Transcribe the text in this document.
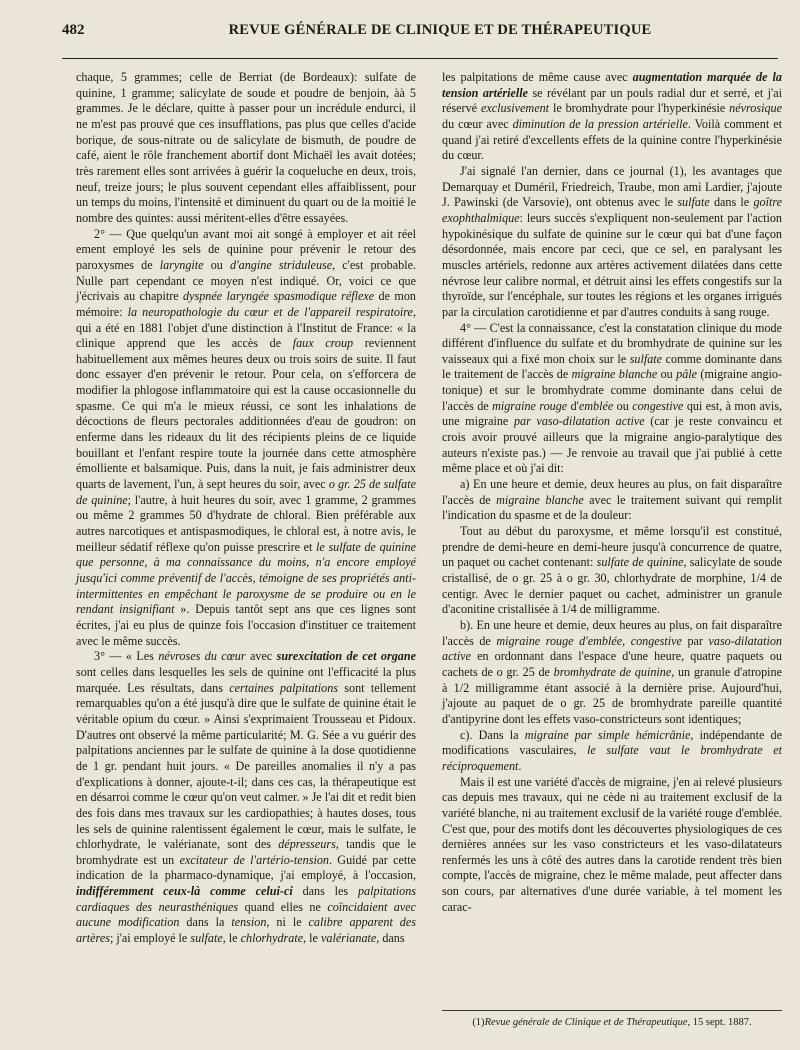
482	REVUE GÉNÉRALE DE CLINIQUE ET DE THÉRAPEUTIQUE

chaque, 5 grammes; celle de Berriat (de Bordeaux): sulfate de quinine, 1 gramme; salicylate de soude et poudre de benjoin, àà 5 grammes. Je le déclare, quitte à passer pour un incrédule endurci, il ne m'est pas prouvé que ces insufflations, pas plus que celles d'acide borique, de sous-nitrate ou de salicylate de bismuth, de poudre de café, aient le rôle franchement abortif dont Michaël les avait dotées; très rarement elles sont arrivées à guérir la coqueluche en deux, trois, neuf, treize jours; le plus souvent cependant elles affaiblissent, pour un temps du moins, l'intensité et diminuent du quart ou de la moitié le nombre des quintes: aussi méritent-elles d'être essayées.

2° — Que quelqu'un avant moi ait songé à employer et ait réel ement employé les sels de quinine pour prévenir le retour des paroxysmes de laryngite ou d'angine striduleuse, c'est probable. Nulle part cependant ce moyen n'est indiqué. Or, voici ce que j'écrivais au chapitre dyspnée laryngée spasmodique réflexe de mon mémoire: la neuropathologie du cœur et de l'appareil respiratoire, qui a été en 1881 l'objet d'une distinction à l'Institut de France: « la clinique apprend que les accès de faux croup reviennent habituellement aux mêmes heures deux ou trois soirs de suite. Il faut donc essayer d'en prévenir le retour. Pour cela, on s'efforcera de modifier la phlogose inflammatoire qui est la cause occasionnelle du spasme. Ce qui m'a le mieux réussi, ce sont les inhalations de décoctions de fleurs pectorales additionnées d'eau de goudron: on enferme dans les rideaux du lit des récipients pleins de ce liquide bouillant et l'enfant respire toute la journée dans cette atmosphère émolliente et balsamique. Puis, dans la nuit, je fais administrer deux quarts de lavement, l'un, à sept heures du soir, avec o gr. 25 de sulfate de quinine; l'autre, à huit heures du soir, avec 1 gramme, 2 grammes ou même 2 grammes 50 d'hydrate de chloral. Bien préférable aux autres narcotiques et antispasmodiques, le chloral est, à notre avis, le meilleur sédatif réflexe qu'on puisse prescrire et le sulfate de quinine que personne, à ma connaissance du moins, n'a encore employé jusqu'ici comme préventif de l'accès, témoigne de ses propriétés anti-intermittentes en empêchant le paroxysme de se produire ou en le rendant insignifiant ». Depuis tantôt sept ans que ces lignes sont écrites, j'ai eu plus de quinze fois l'occasion d'instituer ce traitement avec le même succès.

3° — « Les névroses du cœur avec surexcitation de cet organe sont celles dans lesquelles les sels de quinine ont l'efficacité la plus marquée. Les résultats, dans certaines palpitations sont tellement remarquables qu'on a été jusqu'à dire que le sulfate de quinine était le véritable opium du cœur. » Ainsi s'exprimaient Trousseau et Pidoux. D'autres ont observé la même particularité; M. G. Sée a vu guérir des palpitations anciennes par le sulfate de quinine à la dose quotidienne de 1 gr. pendant huit jours. « De pareilles anomalies il n'y a pas d'explications à donner, ajoute-t-il; dans ces cas, la thérapeutique est en désarroi comme le cœur qu'on veut calmer. » Je l'ai dit et redit bien des fois dans mes travaux sur les cardiopathies; à hautes doses, tous les sels de quinine ralentissent également le cœur, mais le sulfate, le chlorhydrate, le valérianate, sont des dépresseurs, tandis que le bromhydrate est un excitateur de l'artério-tension. Guidé par cette indication de la pharmaco-dynamique, j'ai employé, à l'occasion, indifféremment ceux-là comme celui-ci dans les palpitations cardiaques des neurasthéniques quand elles ne coïncidaient avec aucune modification dans la tension, ni le calibre apparent des artères; j'ai employé le sulfate, le chlorhydrate, le valérianate, dans

les palpitations de même cause avec augmentation marquée de la tension artérielle se révélant par un pouls radial dur et serré, et j'ai réservé exclusivement le bromhydrate pour l'hyperkinésie névrosique du cœur avec diminution de la pression artérielle. Voilà comment et quand j'ai retiré d'excellents effets de la quinine contre l'hyperkinésie du cœur.

J'ai signalé l'an dernier, dans ce journal (1), les avantages que Demarquay et Duméril, Friedreich, Traube, mon ami Lardier, j'ajoute J. Pawinski (de Varsovie), ont obtenus avec le sulfate dans le goître exophthalmique: leurs succès s'expliquent non-seulement par l'action hypokinésique du sulfate de quinine sur le cœur qui bat d'une façon désordonnée, mais encore par ceci, que ce sel, en paralysant les muscles artériels, redonne aux artères activement dilatées dans cette névrose leur calibre normal, et détruit ainsi les effets congestifs sur la thyroïde, sur l'encéphale, sur toutes les régions et les organes irrigués par la circulation carotidienne et par d'autres conduits à sang rouge.

4° — C'est la connaissance, c'est la constatation clinique du mode différent d'influence du sulfate et du bromhydrate de quinine sur les vaisseaux qui a fixé mon choix sur le sulfate comme dominante dans le traitement de l'accès de migraine blanche ou pâle (migraine angio-tonique) et sur le bromhydrate comme dominante dans celui de l'accès de migraine rouge d'emblée ou congestive qui est, à mon avis, une migraine par vaso-dilatation active (car je reste convaincu et crois avoir prouvé ailleurs que la migraine angio-paralytique des auteurs n'existe pas.) — Je renvoie au travail que j'ai publié à cette même place et où j'ai dit:

a) En une heure et demie, deux heures au plus, on fait disparaître l'accès de migraine blanche avec le traitement suivant qui remplit l'indication du spasme et de la douleur:

Tout au début du paroxysme, et même lorsqu'il est constitué, prendre de demi-heure en demi-heure jusqu'à concurrence de quatre, un paquet ou cachet contenant: sulfate de quinine, salicylate de soude cristallisé, de o gr. 25 à o gr. 30, chlorhydrate de morphine, 1/4 de centigr. Avec le dernier paquet ou cachet, administrer un granule d'aconitine cristallisée à 1/4 de milligramme.

b). En une heure et demie, deux heures au plus, on fait disparaître l'accès de migraine rouge d'emblée, congestive par vaso-dilatation active en ordonnant dans l'espace d'une heure, quatre paquets ou cachets de o gr. 25 de bromhydrate de quinine, un granule d'atropine à 1/2 milligramme étant associé à la dernière prise. Aujourd'hui, j'ajoute au paquet de o gr. 25 de bromhydrate pareille quantité d'antipyrine dont les effets vaso-constricteurs sont identiques;

c). Dans la migraine par simple hémicrânie, indépendante de modifications vasculaires, le sulfate vaut le bromhydrate et réciproquement.

Mais il est une variété d'accès de migraine, j'en ai relevé plusieurs cas depuis mes travaux, qui ne cède ni au traitement exclusif de la variété blanche, ni au traitement exclusif de la variété rouge d'emblée. C'est que, pour des motifs dont les découvertes physiologiques de ces dernières années sur les vaso constricteurs et les vaso-dilatateurs renfermés les uns à côté des autres dans la carotide rendent très bien compte, l'accès de migraine, chez le même malade, peut affecter dans son cours, par alternatives d'une durée variable, à tel moment les carac-

(1)Revue générale de Clinique et de Thérapeutique, 15 sept. 1887.
